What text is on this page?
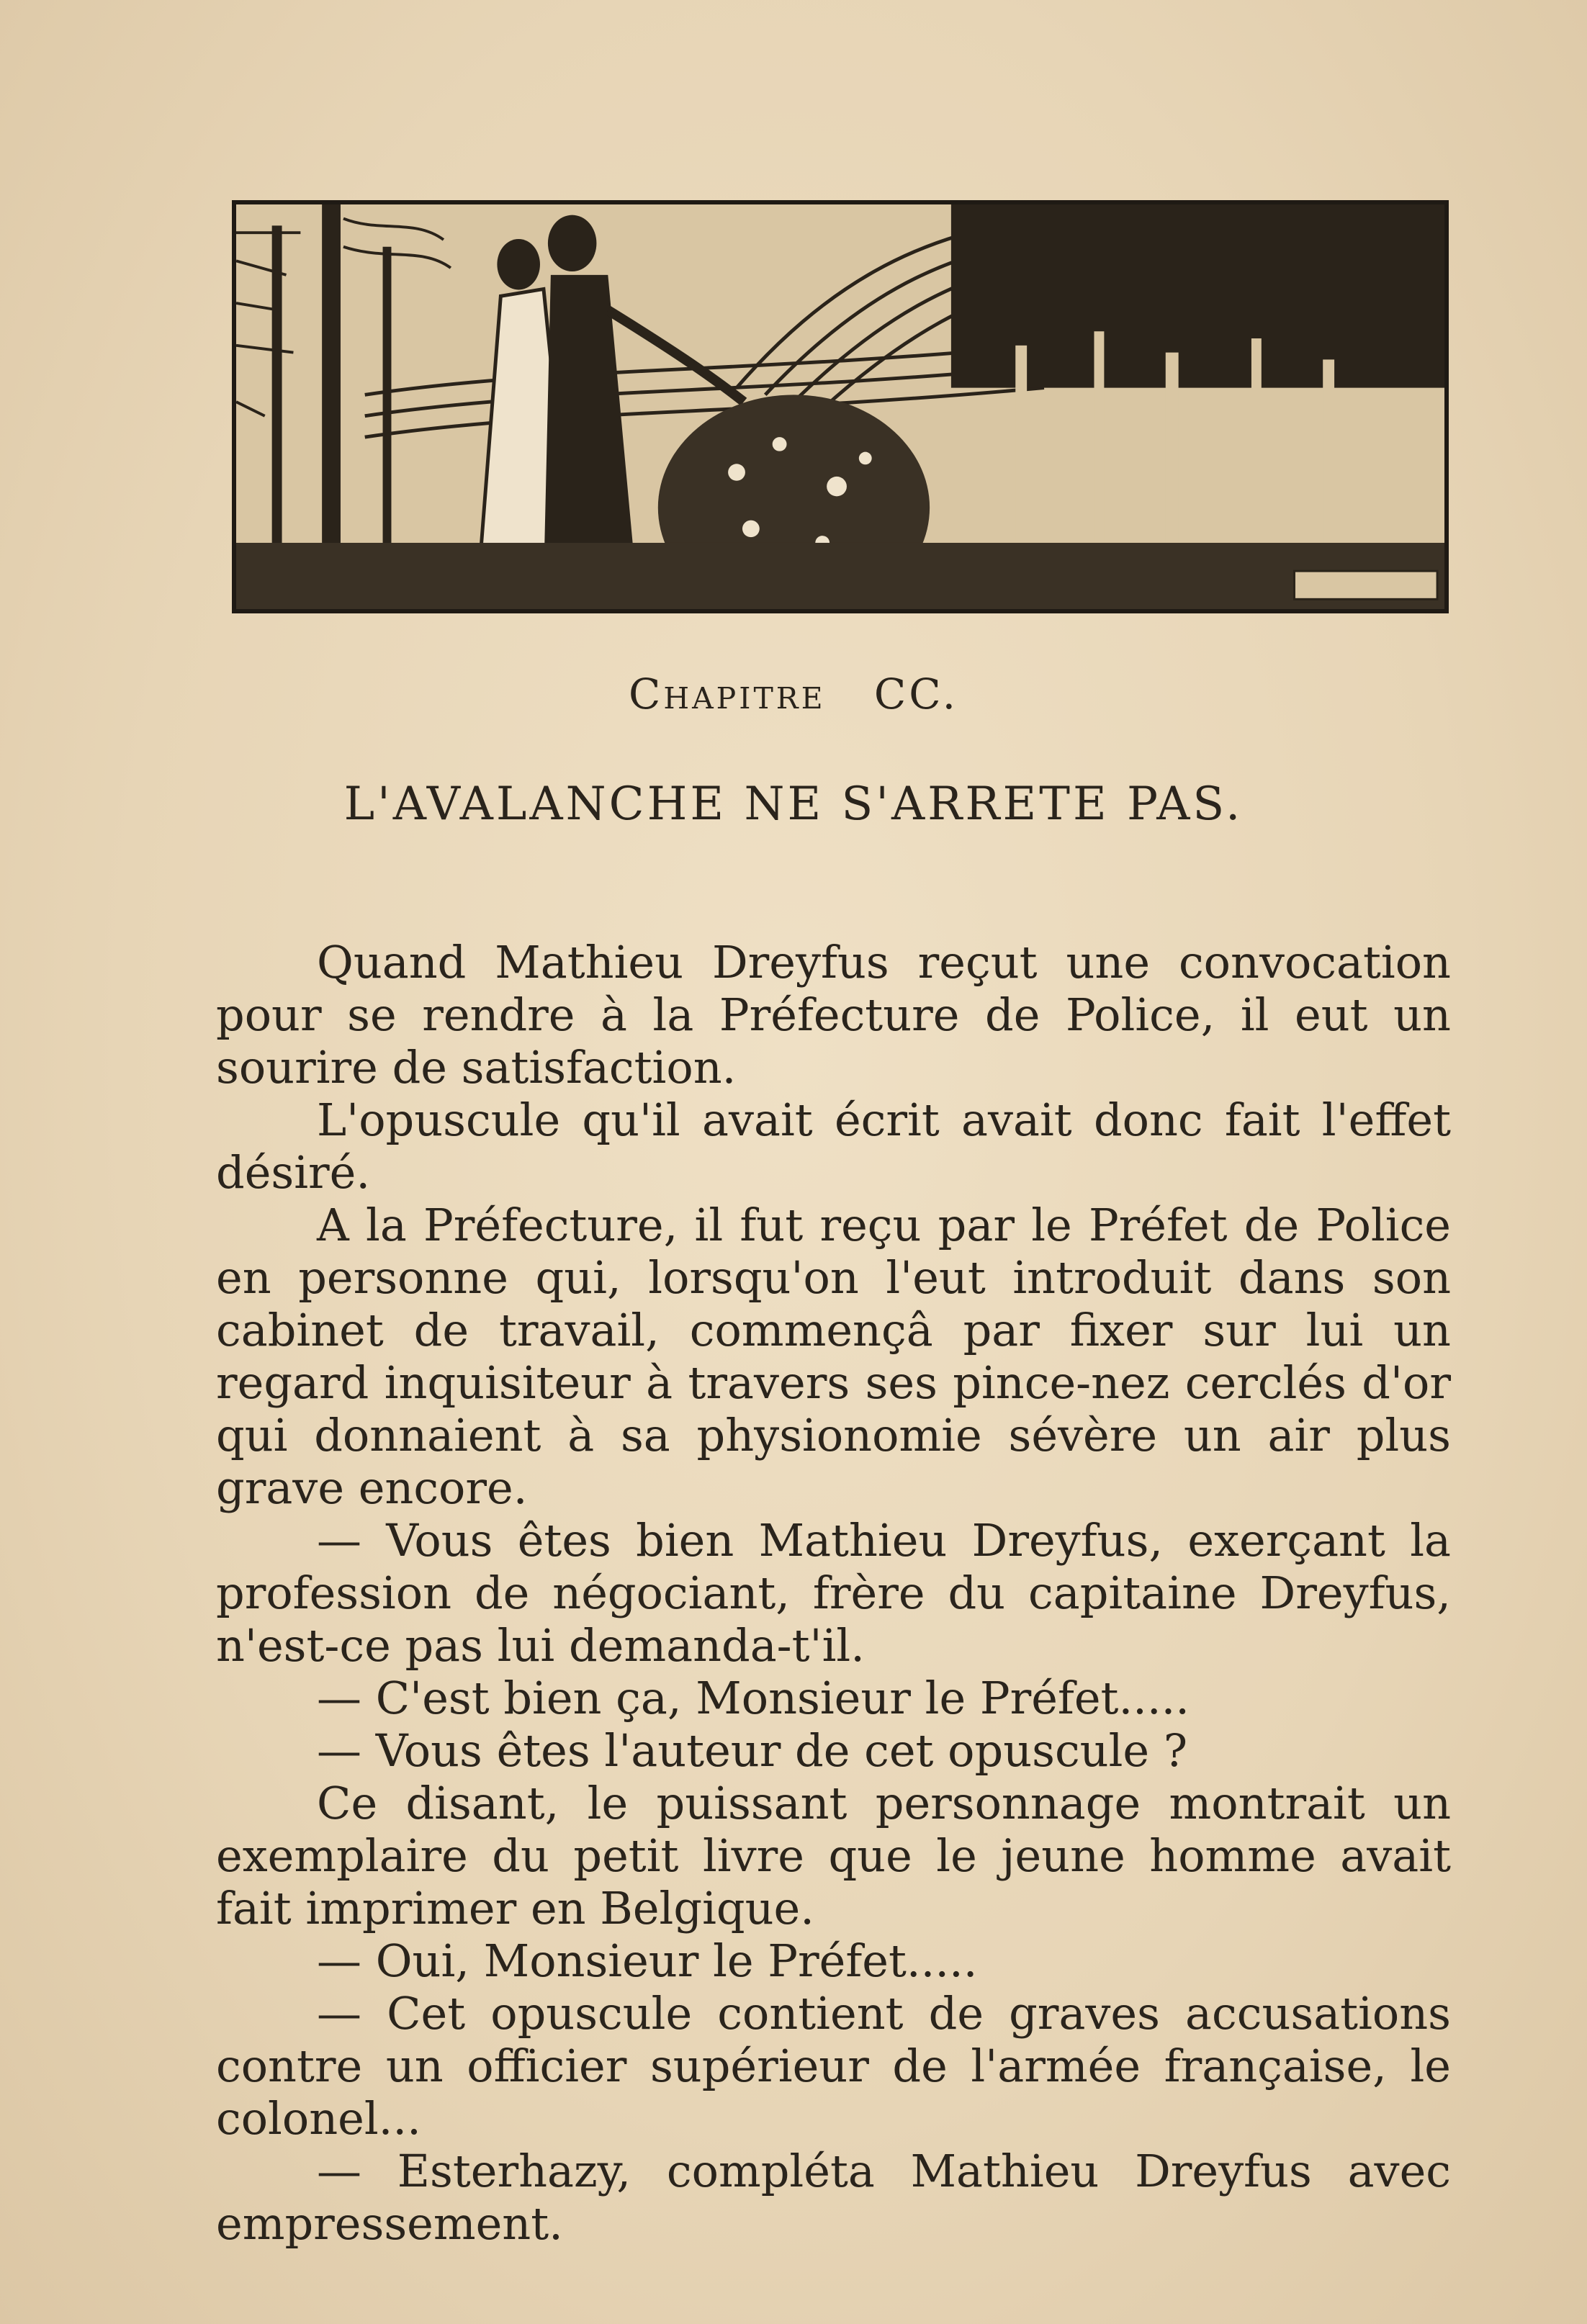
Chapitre CC.
L'AVALANCHE NE S'ARRETE PAS.

Quand Mathieu Dreyfus reçut une convocation pour se rendre à la Préfecture de Police, il eut un sourire de satisfaction.

L'opuscule qu'il avait écrit avait donc fait l'effet désiré.

A la Préfecture, il fut reçu par le Préfet de Police en personne qui, lorsqu'on l'eut introduit dans son cabinet de travail, commençâ par fixer sur lui un regard inquisiteur à travers ses pince-nez cerclés d'or qui donnaient à sa physionomie sévère un air plus grave encore.

— Vous êtes bien Mathieu Dreyfus, exerçant la profession de négociant, frère du capitaine Dreyfus, n'est-ce pas lui demanda-t'il.

— C'est bien ça, Monsieur le Préfet.....

— Vous êtes l'auteur de cet opuscule ?

Ce disant, le puissant personnage montrait un exemplaire du petit livre que le jeune homme avait fait imprimer en Belgique.

— Oui, Monsieur le Préfet.....

— Cet opuscule contient de graves accusations contre un officier supérieur de l'armée française, le colonel...

— Esterhazy, compléta Mathieu Dreyfus avec empressement.
